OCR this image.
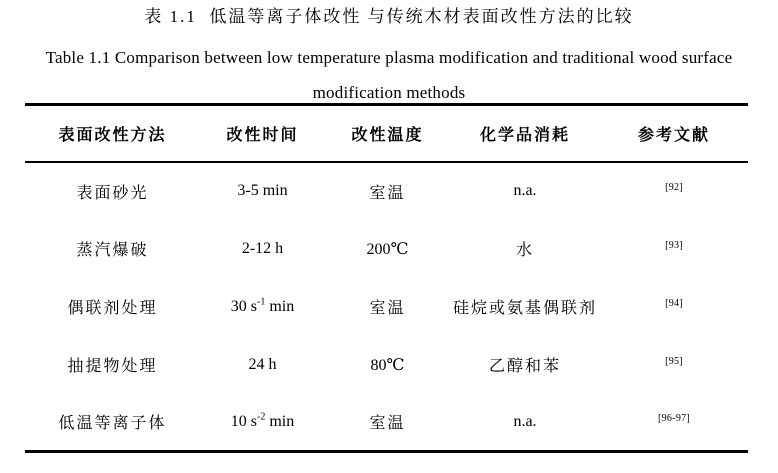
表 1.1  低温等离子体改性 与传统木材表面改性方法的比较
Table 1.1 Comparison between low temperature plasma modification and traditional wood surface
modification methods
表面改性方法	改性时间	改性温度	化学品消耗	参考文献
表面砂光	3-5 min	室温	n.a.	[92]
蒸汽爆破	2-12 h	200℃	水	[93]
偶联剂处理	30 $s^{-1}$ min	室温	硅烷或氨基偶联剂	[94]
抽提物处理	24 h	80℃	乙醇和苯	[95]
低温等离子体	10 $s^{-2}$ min	室温	n.a.	[96-97]
